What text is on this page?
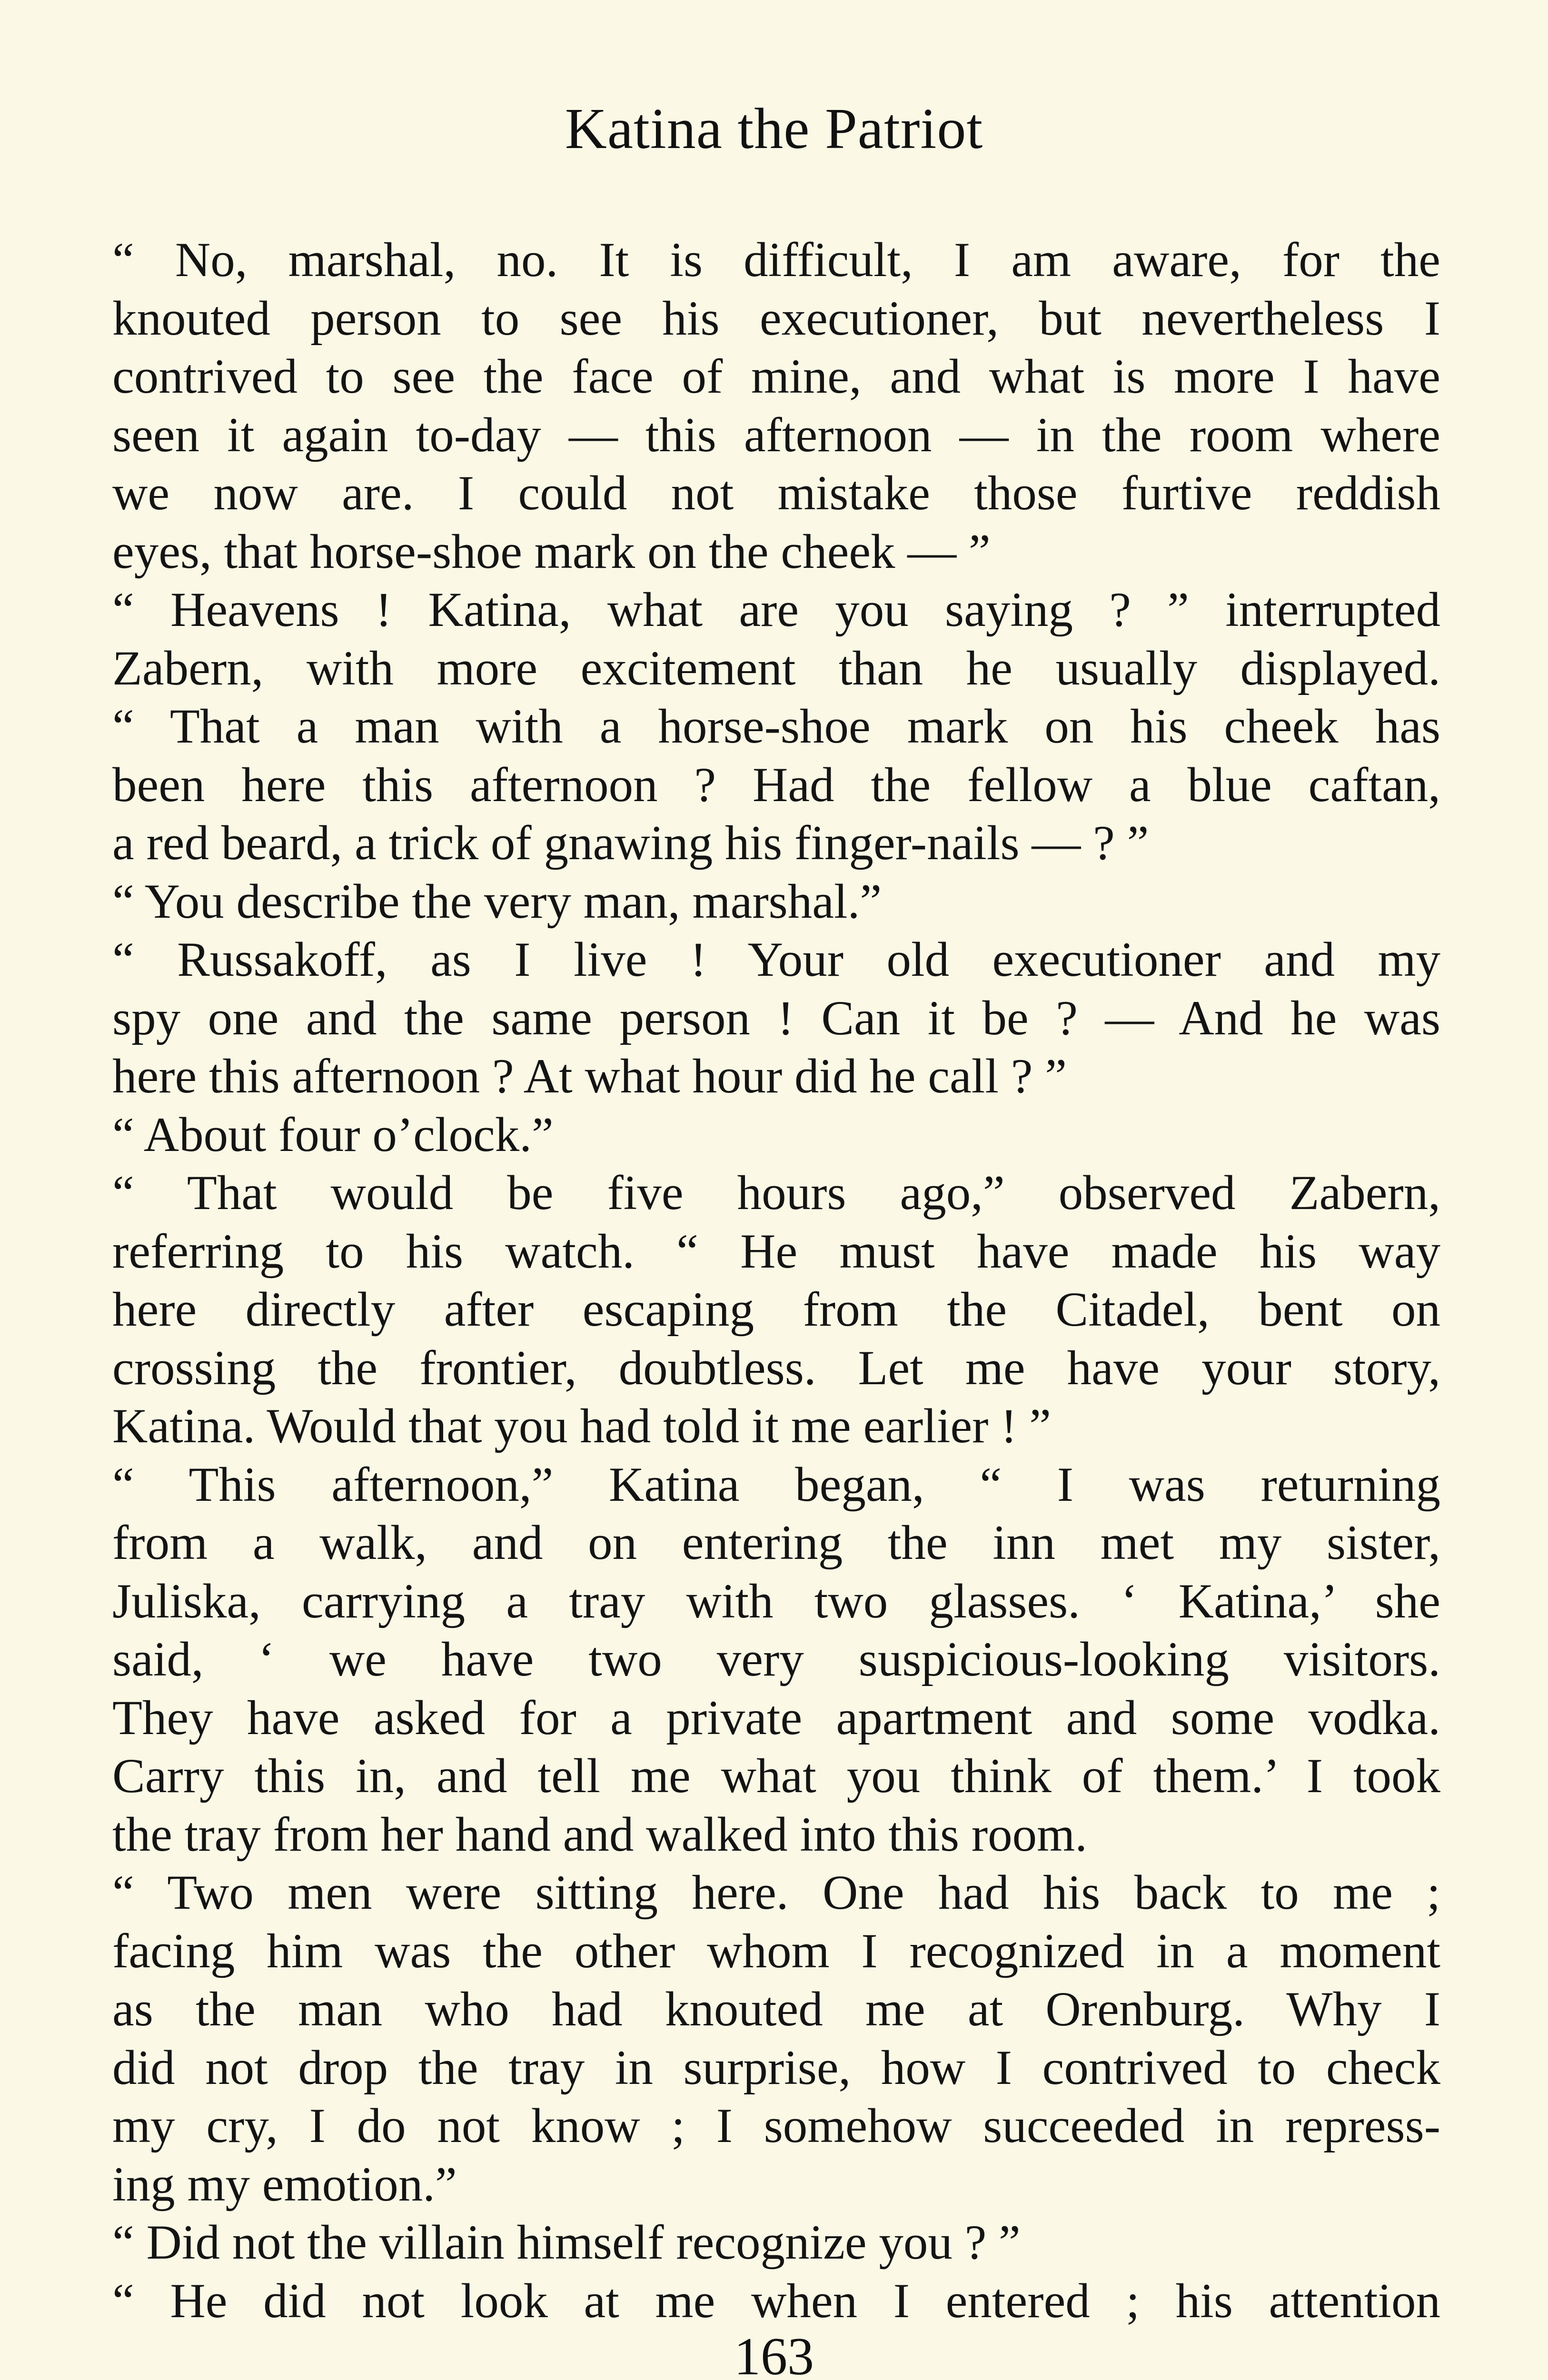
Katina the Patriot
“ No, marshal, no. It is difficult, I am aware, for the
knouted person to see his executioner, but nevertheless I
contrived to see the face of mine, and what is more I have
seen it again to-day — this afternoon — in the room where
we now are. I could not mistake those furtive reddish
eyes, that horse-shoe mark on the cheek — ”
“ Heavens ! Katina, what are you saying ? ” interrupted
Zabern, with more excitement than he usually displayed.
“ That a man with a horse-shoe mark on his cheek has
been here this afternoon ? Had the fellow a blue caftan,
a red beard, a trick of gnawing his finger-nails — ? ”
“ You describe the very man, marshal.”
“ Russakoff, as I live ! Your old executioner and my
spy one and the same person ! Can it be ? — And he was
here this afternoon ? At what hour did he call ? ”
“ About four o’clock.”
“ That would be five hours ago,” observed Zabern,
referring to his watch. “ He must have made his way
here directly after escaping from the Citadel, bent on
crossing the frontier, doubtless. Let me have your story,
Katina. Would that you had told it me earlier ! ”
“ This afternoon,” Katina began, “ I was returning
from a walk, and on entering the inn met my sister,
Juliska, carrying a tray with two glasses. ‘ Katina,’ she
said, ‘ we have two very suspicious-looking visitors.
They have asked for a private apartment and some vodka.
Carry this in, and tell me what you think of them.’ I took
the tray from her hand and walked into this room.
“ Two men were sitting here. One had his back to me ;
facing him was the other whom I recognized in a moment
as the man who had knouted me at Orenburg. Why I
did not drop the tray in surprise, how I contrived to check
my cry, I do not know ; I somehow succeeded in repress-
ing my emotion.”
“ Did not the villain himself recognize you ? ”
“ He did not look at me when I entered ; his attention
163
